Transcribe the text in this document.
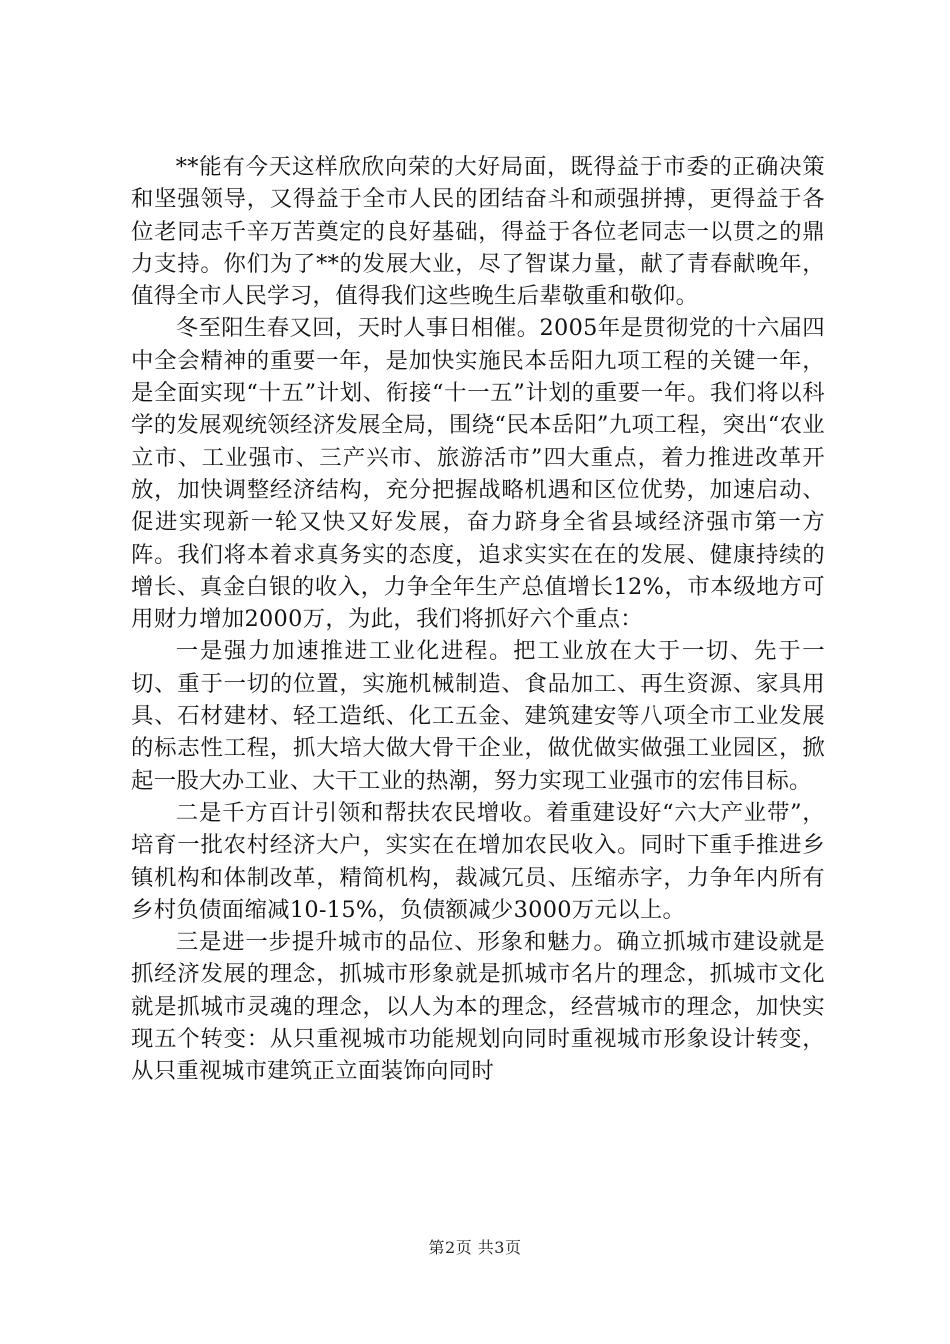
**能有今天这样欣欣向荣的大好局面，既得益于市委的正确决策和坚强领导，又得益于全市人民的团结奋斗和顽强拼搏，更得益于各位老同志千辛万苦奠定的良好基础，得益于各位老同志一以贯之的鼎力支持。你们为了**的发展大业，尽了智谋力量，献了青春献晚年，值得全市人民学习，值得我们这些晚生后辈敬重和敬仰。

冬至阳生春又回，天时人事日相催。2005年是贯彻党的十六届四中全会精神的重要一年，是加快实施民本岳阳九项工程的关键一年，是全面实现“十五”计划、衔接“十一五”计划的重要一年。我们将以科学的发展观统领经济发展全局，围绕“民本岳阳”九项工程，突出“农业立市、工业强市、三产兴市、旅游活市”四大重点，着力推进改革开放，加快调整经济结构，充分把握战略机遇和区位优势，加速启动、促进实现新一轮又快又好发展，奋力跻身全省县域经济强市第一方阵。我们将本着求真务实的态度，追求实实在在的发展、健康持续的增长、真金白银的收入，力争全年生产总值增长12%，市本级地方可用财力增加2000万，为此，我们将抓好六个重点：

一是强力加速推进工业化进程。把工业放在大于一切、先于一切、重于一切的位置，实施机械制造、食品加工、再生资源、家具用具、石材建材、轻工造纸、化工五金、建筑建安等八项全市工业发展的标志性工程，抓大培大做大骨干企业，做优做实做强工业园区，掀起一股大办工业、大干工业的热潮，努力实现工业强市的宏伟目标。

二是千方百计引领和帮扶农民增收。着重建设好“六大产业带”，培育一批农村经济大户，实实在在增加农民收入。同时下重手推进乡镇机构和体制改革，精简机构，裁减冗员、压缩赤字，力争年内所有乡村负债面缩减10-15%，负债额减少3000万元以上。

三是进一步提升城市的品位、形象和魅力。确立抓城市建设就是抓经济发展的理念，抓城市形象就是抓城市名片的理念，抓城市文化就是抓城市灵魂的理念，以人为本的理念，经营城市的理念，加快实现五个转变：从只重视城市功能规划向同时重视城市形象设计转变，从只重视城市建筑正立面装饰向同时

第2页 共3页
